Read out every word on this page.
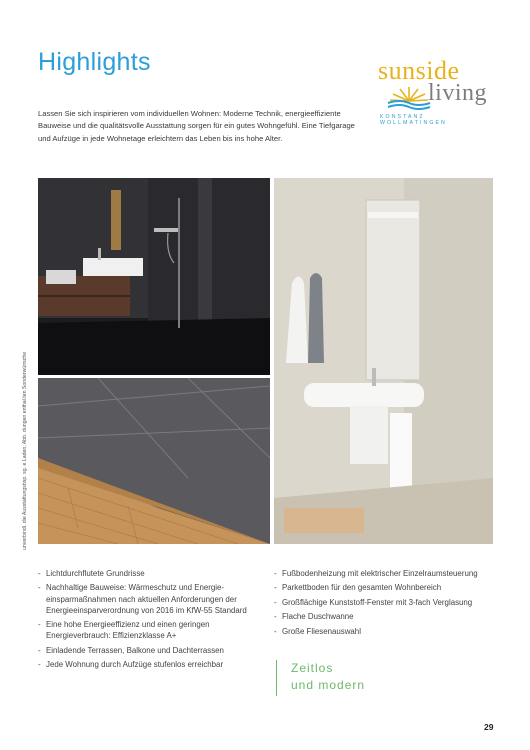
Highlights
Lassen Sie sich inspirieren vom individuellen Wohnen: Moderne Technik, energieeffiziente Bauweise und die qualitätsvolle Ausstattung sorgen für ein gutes Wohngefühl. Eine Tiefgarage und Aufzüge in jede Wohnetage erleichtern das Leben bis ins hohe Alter.
sunside
living
KONSTANZ WOLLMATINGEN
unverbindl. die Ausstattungsbsp. sg. e Laden, Abb. dungen enthal.ten Sonderwünsche
- Lichtdurchflutete Grundrisse
- Nachhaltige Bauweise: Wärmeschutz und Energie-einsparmaßnahmen nach aktuellen Anforderungen der Energieeinsparverordnung von 2016 im KfW-55 Standard
- Eine hohe Energieeffizienz und einen geringen Energieverbrauch: Effizienzklasse A+
- Einladende Terrassen, Balkone und Dachterrassen
- Jede Wohnung durch Aufzüge stufenlos erreichbar
- Fußbodenheizung mit elektrischer Einzelraumsteuerung
- Parkettboden für den gesamten Wohnbereich
- Großflächige Kunststoff-Fenster mit 3-fach Verglasung
- Flache Duschwanne
- Große Fliesenauswahl
Zeitlos
und modern
29
